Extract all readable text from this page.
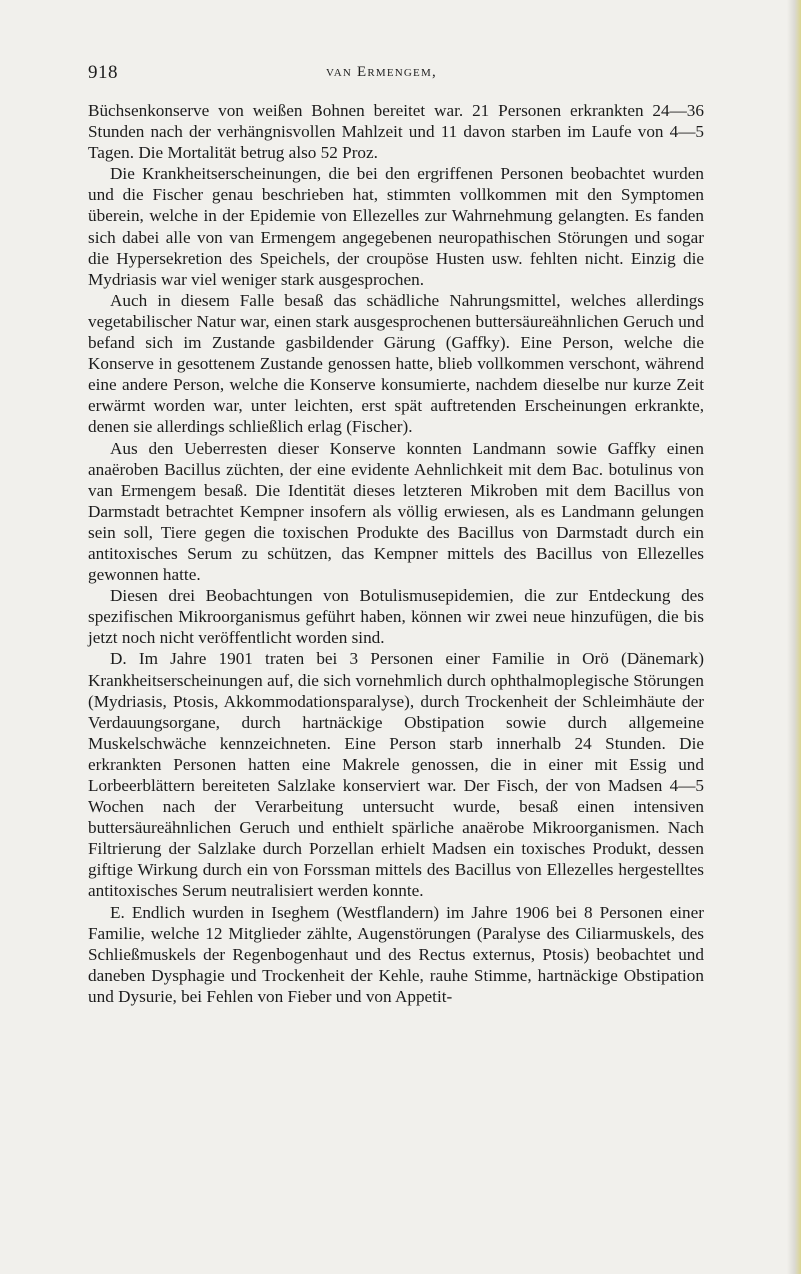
918	van Ermengem,

Büchsenkonserve von weißen Bohnen bereitet war. 21 Personen erkrankten 24—36 Stunden nach der verhängnisvollen Mahlzeit und 11 davon starben im Laufe von 4—5 Tagen. Die Mortalität betrug also 52 Proz.

Die Krankheitserscheinungen, die bei den ergriffenen Personen beobachtet wurden und die Fischer genau beschrieben hat, stimmten vollkommen mit den Symptomen überein, welche in der Epidemie von Ellezelles zur Wahrnehmung gelangten. Es fanden sich dabei alle von van Ermengem angegebenen neuropathischen Störungen und sogar die Hypersekretion des Speichels, der croupöse Husten usw. fehlten nicht. Einzig die Mydriasis war viel weniger stark ausgesprochen.

Auch in diesem Falle besaß das schädliche Nahrungsmittel, welches allerdings vegetabilischer Natur war, einen stark ausgesprochenen buttersäureähnlichen Geruch und befand sich im Zustande gasbildender Gärung (Gaffky). Eine Person, welche die Konserve in gesottenem Zustande genossen hatte, blieb vollkommen verschont, während eine andere Person, welche die Konserve konsumierte, nachdem dieselbe nur kurze Zeit erwärmt worden war, unter leichten, erst spät auftretenden Erscheinungen erkrankte, denen sie allerdings schließlich erlag (Fischer).

Aus den Ueberresten dieser Konserve konnten Landmann sowie Gaffky einen anaëroben Bacillus züchten, der eine evidente Aehnlichkeit mit dem Bac. botulinus von van Ermengem besaß. Die Identität dieses letzteren Mikroben mit dem Bacillus von Darmstadt betrachtet Kempner insofern als völlig erwiesen, als es Landmann gelungen sein soll, Tiere gegen die toxischen Produkte des Bacillus von Darmstadt durch ein antitoxisches Serum zu schützen, das Kempner mittels des Bacillus von Ellezelles gewonnen hatte.

Diesen drei Beobachtungen von Botulismusepidemien, die zur Entdeckung des spezifischen Mikroorganismus geführt haben, können wir zwei neue hinzufügen, die bis jetzt noch nicht veröffentlicht worden sind.

D. Im Jahre 1901 traten bei 3 Personen einer Familie in Orö (Dänemark) Krankheitserscheinungen auf, die sich vornehmlich durch ophthalmoplegische Störungen (Mydriasis, Ptosis, Akkommodationsparalyse), durch Trockenheit der Schleimhäute der Verdauungsorgane, durch hartnäckige Obstipation sowie durch allgemeine Muskelschwäche kennzeichneten. Eine Person starb innerhalb 24 Stunden. Die erkrankten Personen hatten eine Makrele genossen, die in einer mit Essig und Lorbeerblättern bereiteten Salzlake konserviert war. Der Fisch, der von Madsen 4—5 Wochen nach der Verarbeitung untersucht wurde, besaß einen intensiven buttersäureähnlichen Geruch und enthielt spärliche anaërobe Mikroorganismen. Nach Filtrierung der Salzlake durch Porzellan erhielt Madsen ein toxisches Produkt, dessen giftige Wirkung durch ein von Forssman mittels des Bacillus von Ellezelles hergestelltes antitoxisches Serum neutralisiert werden konnte.

E. Endlich wurden in Iseghem (Westflandern) im Jahre 1906 bei 8 Personen einer Familie, welche 12 Mitglieder zählte, Augenstörungen (Paralyse des Ciliarmuskels, des Schließmuskels der Regenbogenhaut und des Rectus externus, Ptosis) beobachtet und daneben Dysphagie und Trockenheit der Kehle, rauhe Stimme, hartnäckige Obstipation und Dysurie, bei Fehlen von Fieber und von Appetit-
